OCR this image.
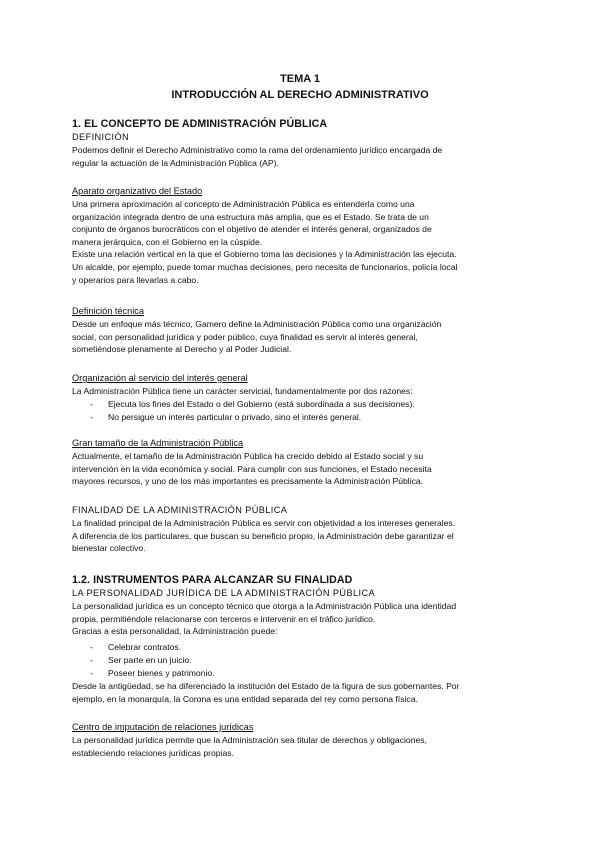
TEMA 1
INTRODUCCIÓN AL DERECHO ADMINISTRATIVO
1. EL CONCEPTO DE ADMINISTRACIÓN PÚBLICA
DEFINICIÓN
Podemos definir el Derecho Administrativo como la rama del ordenamiento jurídico encargada de
regular la actuación de la Administración Pública (AP).
Aparato organizativo del Estado
Una primera aproximación al concepto de Administración Pública es entenderla como una
organización integrada dentro de una estructura más amplia, que es el Estado. Se trata de un
conjunto de órganos burocráticos con el objetivo de atender el interés general, organizados de
manera jerárquica, con el Gobierno en la cúspide.
Existe una relación vertical en la que el Gobierno toma las decisiones y la Administración las ejecuta.
Un alcalde, por ejemplo, puede tomar muchas decisiones, pero necesita de funcionarios, policía local
y operarios para llevarlas a cabo.
Definición técnica
Desde un enfoque más técnico, Gamero define la Administración Pública como una organización
social, con personalidad jurídica y poder público, cuya finalidad es servir al interés general,
sometiéndose plenamente al Derecho y al Poder Judicial.
Organización al servicio del interés general
La Administración Pública tiene un carácter servicial, fundamentalmente por dos razones:
- Ejecuta los fines del Estado o del Gobierno (está subordinada a sus decisiones).
- No persigue un interés particular o privado, sino el interés general.
Gran tamaño de la Administración Pública
Actualmente, el tamaño de la Administración Pública ha crecido debido al Estado social y su
intervención en la vida económica y social. Para cumplir con sus funciones, el Estado necesita
mayores recursos, y uno de los más importantes es precisamente la Administración Pública.
FINALIDAD DE LA ADMINISTRACIÓN PÚBLICA
La finalidad principal de la Administración Pública es servir con objetividad a los intereses generales.
A diferencia de los particulares, que buscan su beneficio propio, la Administración debe garantizar el
bienestar colectivo.
1.2. INSTRUMENTOS PARA ALCANZAR SU FINALIDAD
LA PERSONALIDAD JURÍDICA DE LA ADMINISTRACIÓN PÚBLICA
La personalidad jurídica es un concepto técnico que otorga a la Administración Pública una identidad
propia, permitiéndole relacionarse con terceros e intervenir en el tráfico jurídico.
Gracias a esta personalidad, la Administración puede:
- Celebrar contratos.
- Ser parte en un juicio.
- Poseer bienes y patrimonio.
Desde la antigüedad, se ha diferenciado la institución del Estado de la figura de sus gobernantes. Por
ejemplo, en la monarquía, la Corona es una entidad separada del rey como persona física.
Centro de imputación de relaciones jurídicas
La personalidad jurídica permite que la Administración sea titular de derechos y obligaciones,
estableciendo relaciones jurídicas propias.
